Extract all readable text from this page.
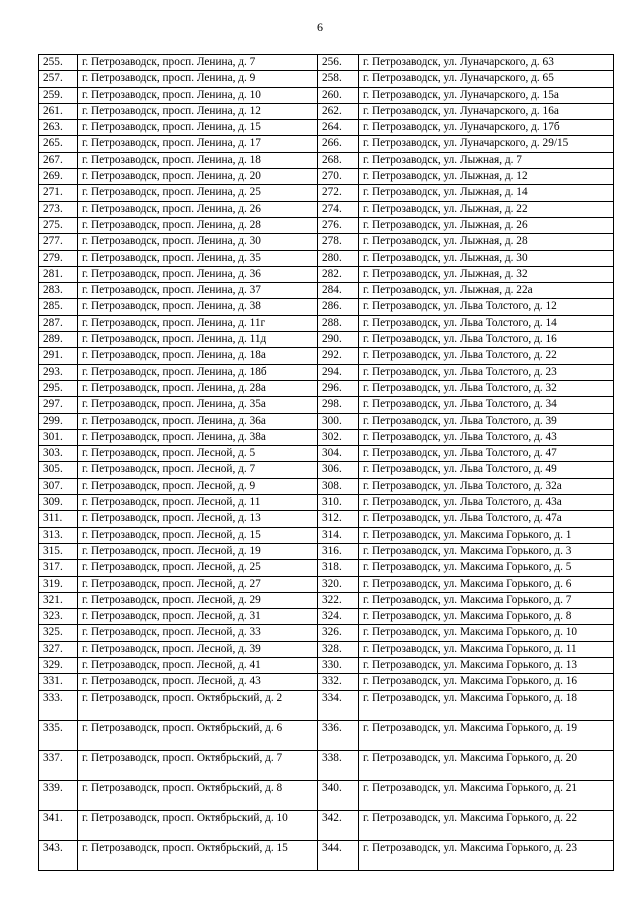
6
255.	г. Петрозаводск, просп. Ленина, д. 7	256.	г. Петрозаводск, ул. Луначарского, д. 63
257.	г. Петрозаводск, просп. Ленина, д. 9	258.	г. Петрозаводск, ул. Луначарского, д. 65
259.	г. Петрозаводск, просп. Ленина, д. 10	260.	г. Петрозаводск, ул. Луначарского, д. 15а
261.	г. Петрозаводск, просп. Ленина, д. 12	262.	г. Петрозаводск, ул. Луначарского, д. 16а
263.	г. Петрозаводск, просп. Ленина, д. 15	264.	г. Петрозаводск, ул. Луначарского, д. 17б
265.	г. Петрозаводск, просп. Ленина, д. 17	266.	г. Петрозаводск, ул. Луначарского, д. 29/15
267.	г. Петрозаводск, просп. Ленина, д. 18	268.	г. Петрозаводск, ул. Лыжная, д. 7
269.	г. Петрозаводск, просп. Ленина, д. 20	270.	г. Петрозаводск, ул. Лыжная, д. 12
271.	г. Петрозаводск, просп. Ленина, д. 25	272.	г. Петрозаводск, ул. Лыжная, д. 14
273.	г. Петрозаводск, просп. Ленина, д. 26	274.	г. Петрозаводск, ул. Лыжная, д. 22
275.	г. Петрозаводск, просп. Ленина, д. 28	276.	г. Петрозаводск, ул. Лыжная, д. 26
277.	г. Петрозаводск, просп. Ленина, д. 30	278.	г. Петрозаводск, ул. Лыжная, д. 28
279.	г. Петрозаводск, просп. Ленина, д. 35	280.	г. Петрозаводск, ул. Лыжная, д. 30
281.	г. Петрозаводск, просп. Ленина, д. 36	282.	г. Петрозаводск, ул. Лыжная, д. 32
283.	г. Петрозаводск, просп. Ленина, д. 37	284.	г. Петрозаводск, ул. Лыжная, д. 22а
285.	г. Петрозаводск, просп. Ленина, д. 38	286.	г. Петрозаводск, ул. Льва Толстого, д. 12
287.	г. Петрозаводск, просп. Ленина, д. 11г	288.	г. Петрозаводск, ул. Льва Толстого, д. 14
289.	г. Петрозаводск, просп. Ленина, д. 11д	290.	г. Петрозаводск, ул. Льва Толстого, д. 16
291.	г. Петрозаводск, просп. Ленина, д. 18а	292.	г. Петрозаводск, ул. Льва Толстого, д. 22
293.	г. Петрозаводск, просп. Ленина, д. 18б	294.	г. Петрозаводск, ул. Льва Толстого, д. 23
295.	г. Петрозаводск, просп. Ленина, д. 28а	296.	г. Петрозаводск, ул. Льва Толстого, д. 32
297.	г. Петрозаводск, просп. Ленина, д. 35а	298.	г. Петрозаводск, ул. Льва Толстого, д. 34
299.	г. Петрозаводск, просп. Ленина, д. 36а	300.	г. Петрозаводск, ул. Льва Толстого, д. 39
301.	г. Петрозаводск, просп. Ленина, д. 38а	302.	г. Петрозаводск, ул. Льва Толстого, д. 43
303.	г. Петрозаводск, просп. Лесной, д. 5	304.	г. Петрозаводск, ул. Льва Толстого, д. 47
305.	г. Петрозаводск, просп. Лесной, д. 7	306.	г. Петрозаводск, ул. Льва Толстого, д. 49
307.	г. Петрозаводск, просп. Лесной, д. 9	308.	г. Петрозаводск, ул. Льва Толстого, д. 32а
309.	г. Петрозаводск, просп. Лесной, д. 11	310.	г. Петрозаводск, ул. Льва Толстого, д. 43а
311.	г. Петрозаводск, просп. Лесной, д. 13	312.	г. Петрозаводск, ул. Льва Толстого, д. 47а
313.	г. Петрозаводск, просп. Лесной, д. 15	314.	г. Петрозаводск, ул. Максима Горького, д. 1
315.	г. Петрозаводск, просп. Лесной, д. 19	316.	г. Петрозаводск, ул. Максима Горького, д. 3
317.	г. Петрозаводск, просп. Лесной, д. 25	318.	г. Петрозаводск, ул. Максима Горького, д. 5
319.	г. Петрозаводск, просп. Лесной, д. 27	320.	г. Петрозаводск, ул. Максима Горького, д. 6
321.	г. Петрозаводск, просп. Лесной, д. 29	322.	г. Петрозаводск, ул. Максима Горького, д. 7
323.	г. Петрозаводск, просп. Лесной, д. 31	324.	г. Петрозаводск, ул. Максима Горького, д. 8
325.	г. Петрозаводск, просп. Лесной, д. 33	326.	г. Петрозаводск, ул. Максима Горького, д. 10
327.	г. Петрозаводск, просп. Лесной, д. 39	328.	г. Петрозаводск, ул. Максима Горького, д. 11
329.	г. Петрозаводск, просп. Лесной, д. 41	330.	г. Петрозаводск, ул. Максима Горького, д. 13
331.	г. Петрозаводск, просп. Лесной, д. 43	332.	г. Петрозаводск, ул. Максима Горького, д. 16
333.	г. Петрозаводск, просп. Октябрьский, д. 2	334.	г. Петрозаводск, ул. Максима Горького, д. 18
335.	г. Петрозаводск, просп. Октябрьский, д. 6	336.	г. Петрозаводск, ул. Максима Горького, д. 19
337.	г. Петрозаводск, просп. Октябрьский, д. 7	338.	г. Петрозаводск, ул. Максима Горького, д. 20
339.	г. Петрозаводск, просп. Октябрьский, д. 8	340.	г. Петрозаводск, ул. Максима Горького, д. 21
341.	г. Петрозаводск, просп. Октябрьский, д. 10	342.	г. Петрозаводск, ул. Максима Горького, д. 22
343.	г. Петрозаводск, просп. Октябрьский, д. 15	344.	г. Петрозаводск, ул. Максима Горького, д. 23
